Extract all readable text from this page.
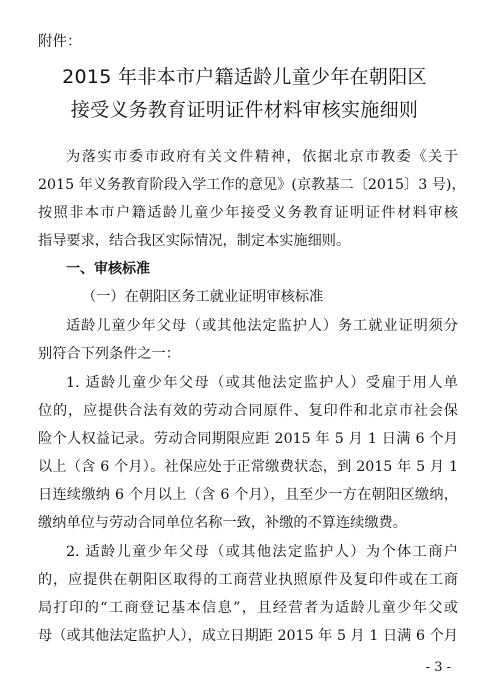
附件：
2015 年非本市户籍适龄儿童少年在朝阳区
接受义务教育证明证件材料审核实施细则
为落实市委市政府有关文件精神，依据北京市教委《关于
2015 年义务教育阶段入学工作的意见》(京教基二〔2015〕3 号)，
按照非本市户籍适龄儿童少年接受义务教育证明证件材料审核
指导要求，结合我区实际情况，制定本实施细则。
一、审核标准
（一）在朝阳区务工就业证明审核标准
适龄儿童少年父母（或其他法定监护人）务工就业证明须分
别符合下列条件之一：
1. 适龄儿童少年父母（或其他法定监护人）受雇于用人单
位的，应提供合法有效的劳动合同原件、复印件和北京市社会保
险个人权益记录。劳动合同期限应距 2015 年 5 月 1 日满 6 个月
以上（含 6 个月）。社保应处于正常缴费状态，到 2015 年 5 月 1
日连续缴纳 6 个月以上（含 6 个月），且至少一方在朝阳区缴纳，
缴纳单位与劳动合同单位名称一致，补缴的不算连续缴费。
2. 适龄儿童少年父母（或其他法定监护人）为个体工商户
的，应提供在朝阳区取得的工商营业执照原件及复印件或在工商
局打印的“工商登记基本信息”，且经营者为适龄儿童少年父或
母（或其他法定监护人），成立日期距 2015 年 5 月 1 日满 6 个月
- 3 -
